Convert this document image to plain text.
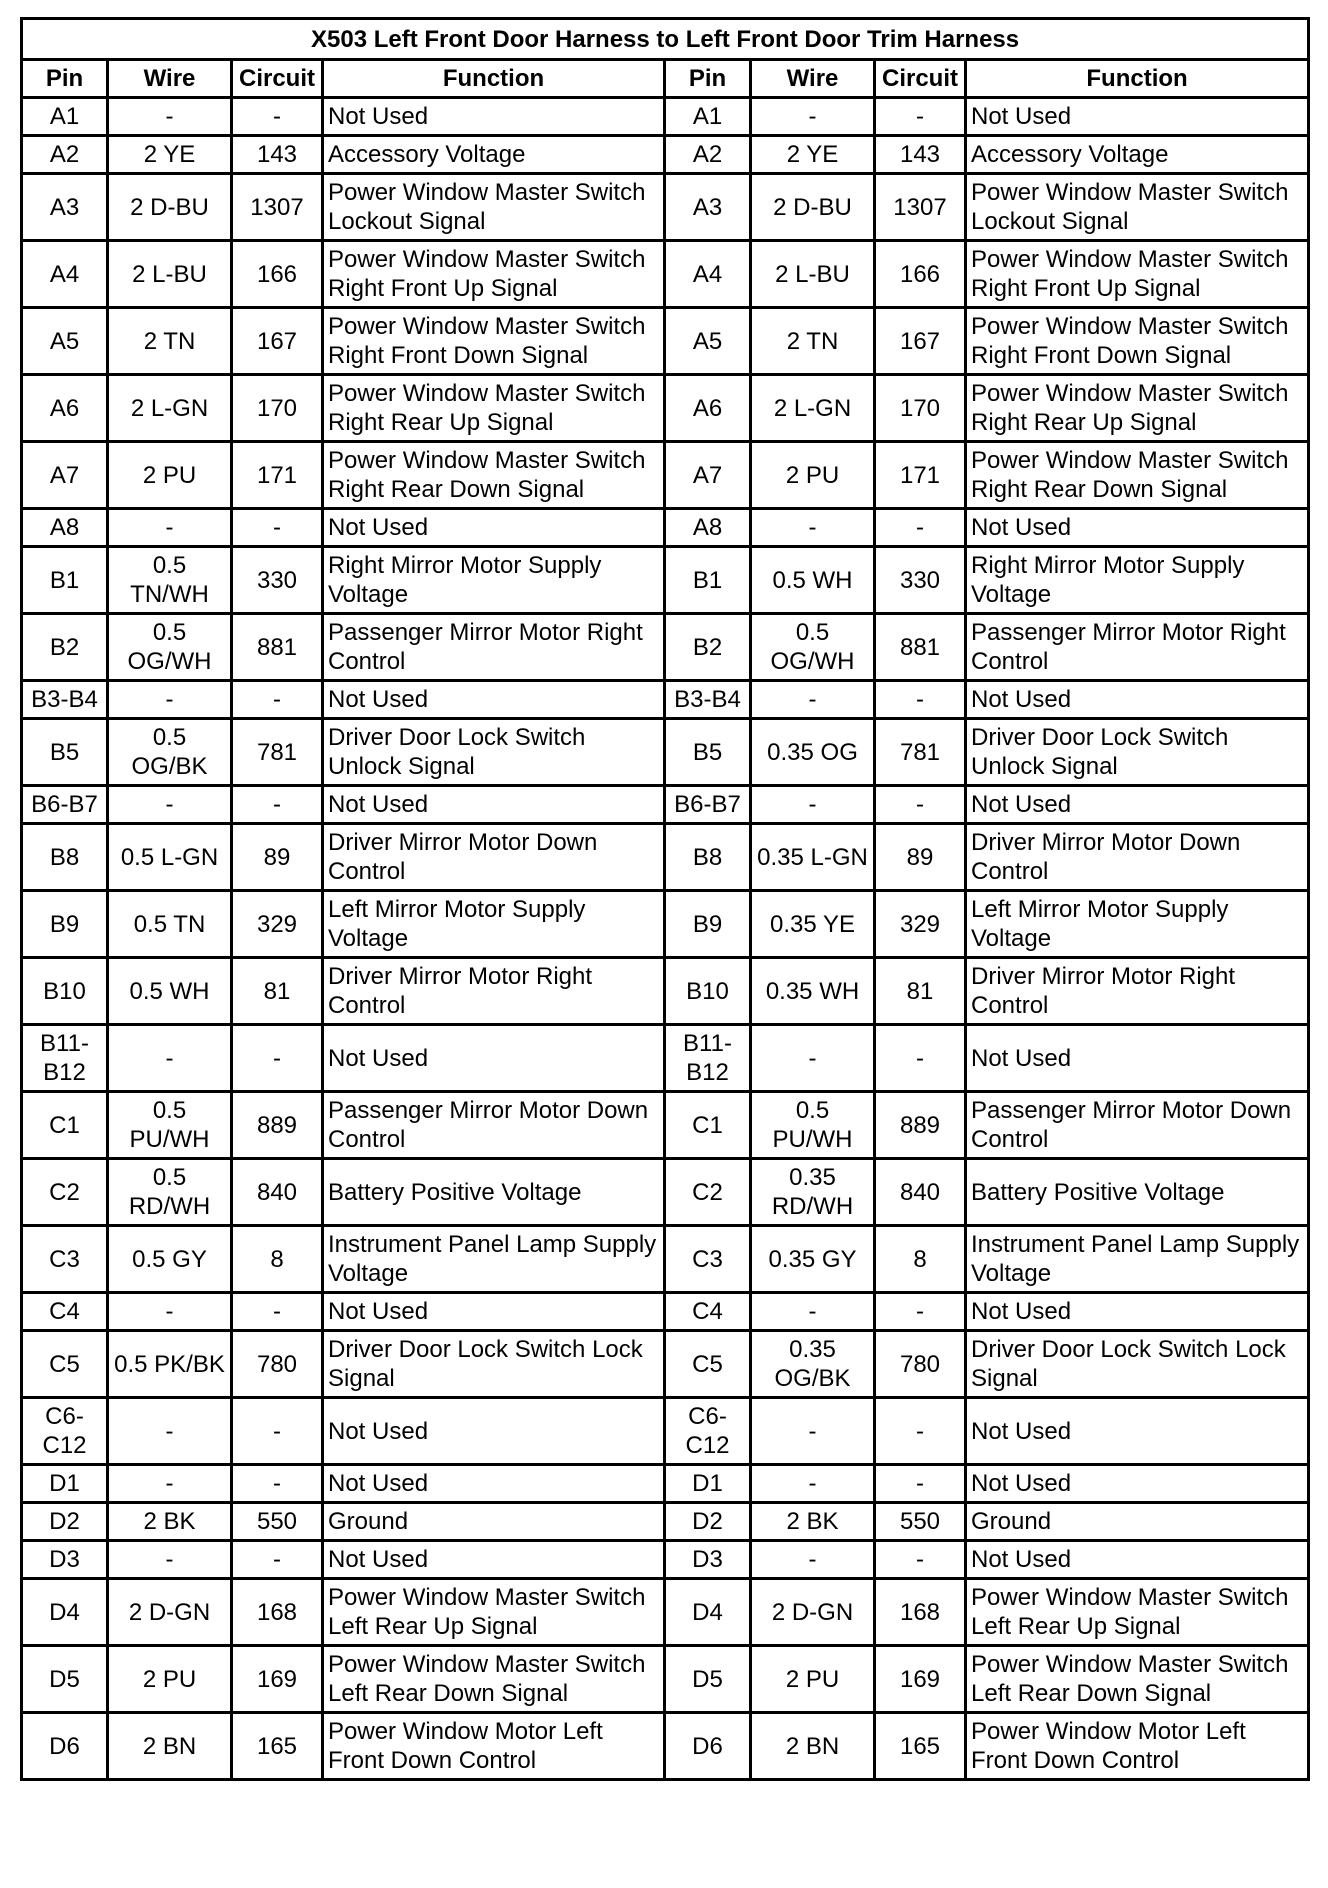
X503 Left Front Door Harness to Left Front Door Trim Harness							
Pin	Wire	Circuit	Function	Pin	Wire	Circuit	Function
A1	-	-	Not Used	A1	-	-	Not Used
A2	2 YE	143	Accessory Voltage	A2	2 YE	143	Accessory Voltage
A3	2 D-BU	1307	Power Window Master Switch Lockout Signal	A3	2 D-BU	1307	Power Window Master Switch Lockout Signal
A4	2 L-BU	166	Power Window Master Switch Right Front Up Signal	A4	2 L-BU	166	Power Window Master Switch Right Front Up Signal
A5	2 TN	167	Power Window Master Switch Right Front Down Signal	A5	2 TN	167	Power Window Master Switch Right Front Down Signal
A6	2 L-GN	170	Power Window Master Switch Right Rear Up Signal	A6	2 L-GN	170	Power Window Master Switch Right Rear Up Signal
A7	2 PU	171	Power Window Master Switch Right Rear Down Signal	A7	2 PU	171	Power Window Master Switch Right Rear Down Signal
A8	-	-	Not Used	A8	-	-	Not Used
B1	0.5 TN/WH	330	Right Mirror Motor Supply Voltage	B1	0.5 WH	330	Right Mirror Motor Supply Voltage
B2	0.5 OG/WH	881	Passenger Mirror Motor Right Control	B2	0.5 OG/WH	881	Passenger Mirror Motor Right Control
B3-B4	-	-	Not Used	B3-B4	-	-	Not Used
B5	0.5 OG/BK	781	Driver Door Lock Switch Unlock Signal	B5	0.35 OG	781	Driver Door Lock Switch Unlock Signal
B6-B7	-	-	Not Used	B6-B7	-	-	Not Used
B8	0.5 L-GN	89	Driver Mirror Motor Down Control	B8	0.35 L-GN	89	Driver Mirror Motor Down Control
B9	0.5 TN	329	Left Mirror Motor Supply Voltage	B9	0.35 YE	329	Left Mirror Motor Supply Voltage
B10	0.5 WH	81	Driver Mirror Motor Right Control	B10	0.35 WH	81	Driver Mirror Motor Right Control
B11-B12	-	-	Not Used	B11-B12	-	-	Not Used
C1	0.5 PU/WH	889	Passenger Mirror Motor Down Control	C1	0.5 PU/WH	889	Passenger Mirror Motor Down Control
C2	0.5 RD/WH	840	Battery Positive Voltage	C2	0.35 RD/WH	840	Battery Positive Voltage
C3	0.5 GY	8	Instrument Panel Lamp Supply Voltage	C3	0.35 GY	8	Instrument Panel Lamp Supply Voltage
C4	-	-	Not Used	C4	-	-	Not Used
C5	0.5 PK/BK	780	Driver Door Lock Switch Lock Signal	C5	0.35 OG/BK	780	Driver Door Lock Switch Lock Signal
C6-C12	-	-	Not Used	C6-C12	-	-	Not Used
D1	-	-	Not Used	D1	-	-	Not Used
D2	2 BK	550	Ground	D2	2 BK	550	Ground
D3	-	-	Not Used	D3	-	-	Not Used
D4	2 D-GN	168	Power Window Master Switch Left Rear Up Signal	D4	2 D-GN	168	Power Window Master Switch Left Rear Up Signal
D5	2 PU	169	Power Window Master Switch Left Rear Down Signal	D5	2 PU	169	Power Window Master Switch Left Rear Down Signal
D6	2 BN	165	Power Window Motor Left Front Down Control	D6	2 BN	165	Power Window Motor Left Front Down Control
